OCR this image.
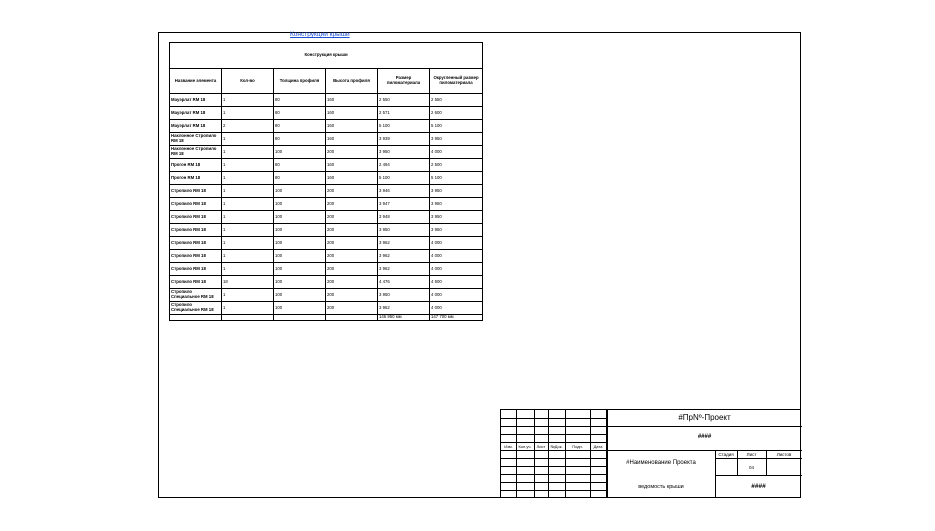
Конструкции крыши
Конструкция крыши					
Название элемента	Кол-во	Толщина профиля	Высота профиля	Размер пиломатериала	Округленный размер пиломатериала
Мауэрлат RM 18	1	80	160	2 550	2 550
Мауэрлат RM 18	1	80	160	2 571	2 600
Мауэрлат RM 18	2	80	160	5 100	5 100
Наклонное Стропило RM 18	1	80	160	3 939	3 950
Наклонное Стропило RM 18	1	100	200	3 950	4 000
Прогон RM 18	1	80	160	2 494	2 500
Прогон RM 18	1	80	160	5 100	5 100
Стропило RM 18	1	100	200	3 946	3 950
Стропило RM 18	1	100	200	3 947	3 950
Стропило RM 18	1	100	200	3 948	3 950
Стропило RM 18	1	100	200	3 950	3 950
Стропило RM 18	1	100	200	3 962	4 000
Стропило RM 18	1	100	200	3 962	4 000
Стропило RM 18	1	100	200	3 962	4 000
Стропило RM 18	18	100	200	4 476	4 500
Стропило Специальное RM 18	1	100	200	3 950	4 000
Стропило Специальное RM 18	1	100	200	3 962	4 000
				146 950 мм	147 700 мм
Изм.	Кол.уч.	Лист	№Док.	Подп.	Дата
#ПрNº-Проект
####
#Наименование Проекта
Стадия	Лист	Листов
04
ведомость крыши	####
